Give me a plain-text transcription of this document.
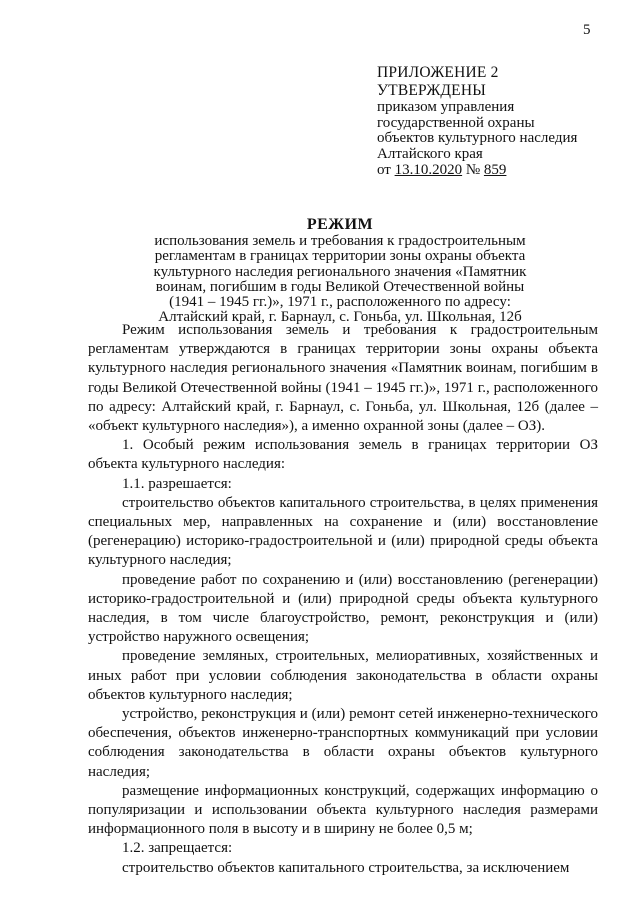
5
ПРИЛОЖЕНИЕ 2
УТВЕРЖДЕНЫ
приказом управления
государственной охраны
объектов культурного наследия
Алтайского края
от 13.10.2020 № 859
РЕЖИМ
использования земель и требования к градостроительным
регламентам в границах территории зоны охраны объекта
культурного наследия регионального значения «Памятник
воинам, погибшим в годы Великой Отечественной войны
(1941 – 1945 гг.)», 1971 г., расположенного по адресу:
Алтайский край, г. Барнаул, с. Гоньба, ул. Школьная, 12б

Режим использования земель и требования к градостроительным регламентам утверждаются в границах территории зоны охраны объекта культурного наследия регионального значения «Памятник воинам, погибшим в годы Великой Отечественной войны (1941 – 1945 гг.)», 1971 г., расположенного по адресу: Алтайский край, г. Барнаул, с. Гоньба, ул. Школьная, 12б (далее – «объект культурного наследия»), а именно охранной зоны (далее – ОЗ).

1. Особый режим использования земель в границах территории ОЗ объекта культурного наследия:

1.1. разрешается:

строительство объектов капитального строительства, в целях применения специальных мер, направленных на сохранение и (или) восстановление (регенерацию) историко-градостроительной и (или) природной среды объекта культурного наследия;

проведение работ по сохранению и (или) восстановлению (регенерации) историко-градостроительной и (или) природной среды объекта культурного наследия, в том числе благоустройство, ремонт, реконструкция и (или) устройство наружного освещения;

проведение земляных, строительных, мелиоративных, хозяйственных и иных работ при условии соблюдения законодательства в области охраны объектов культурного наследия;

устройство, реконструкция и (или) ремонт сетей инженерно-технического обеспечения, объектов инженерно-транспортных коммуникаций при условии соблюдения законодательства в области охраны объектов культурного наследия;

размещение информационных конструкций, содержащих информацию о популяризации и использовании объекта культурного наследия размерами информационного поля в высоту и в ширину не более 0,5 м;

1.2. запрещается:

строительство объектов капитального строительства, за исключением
